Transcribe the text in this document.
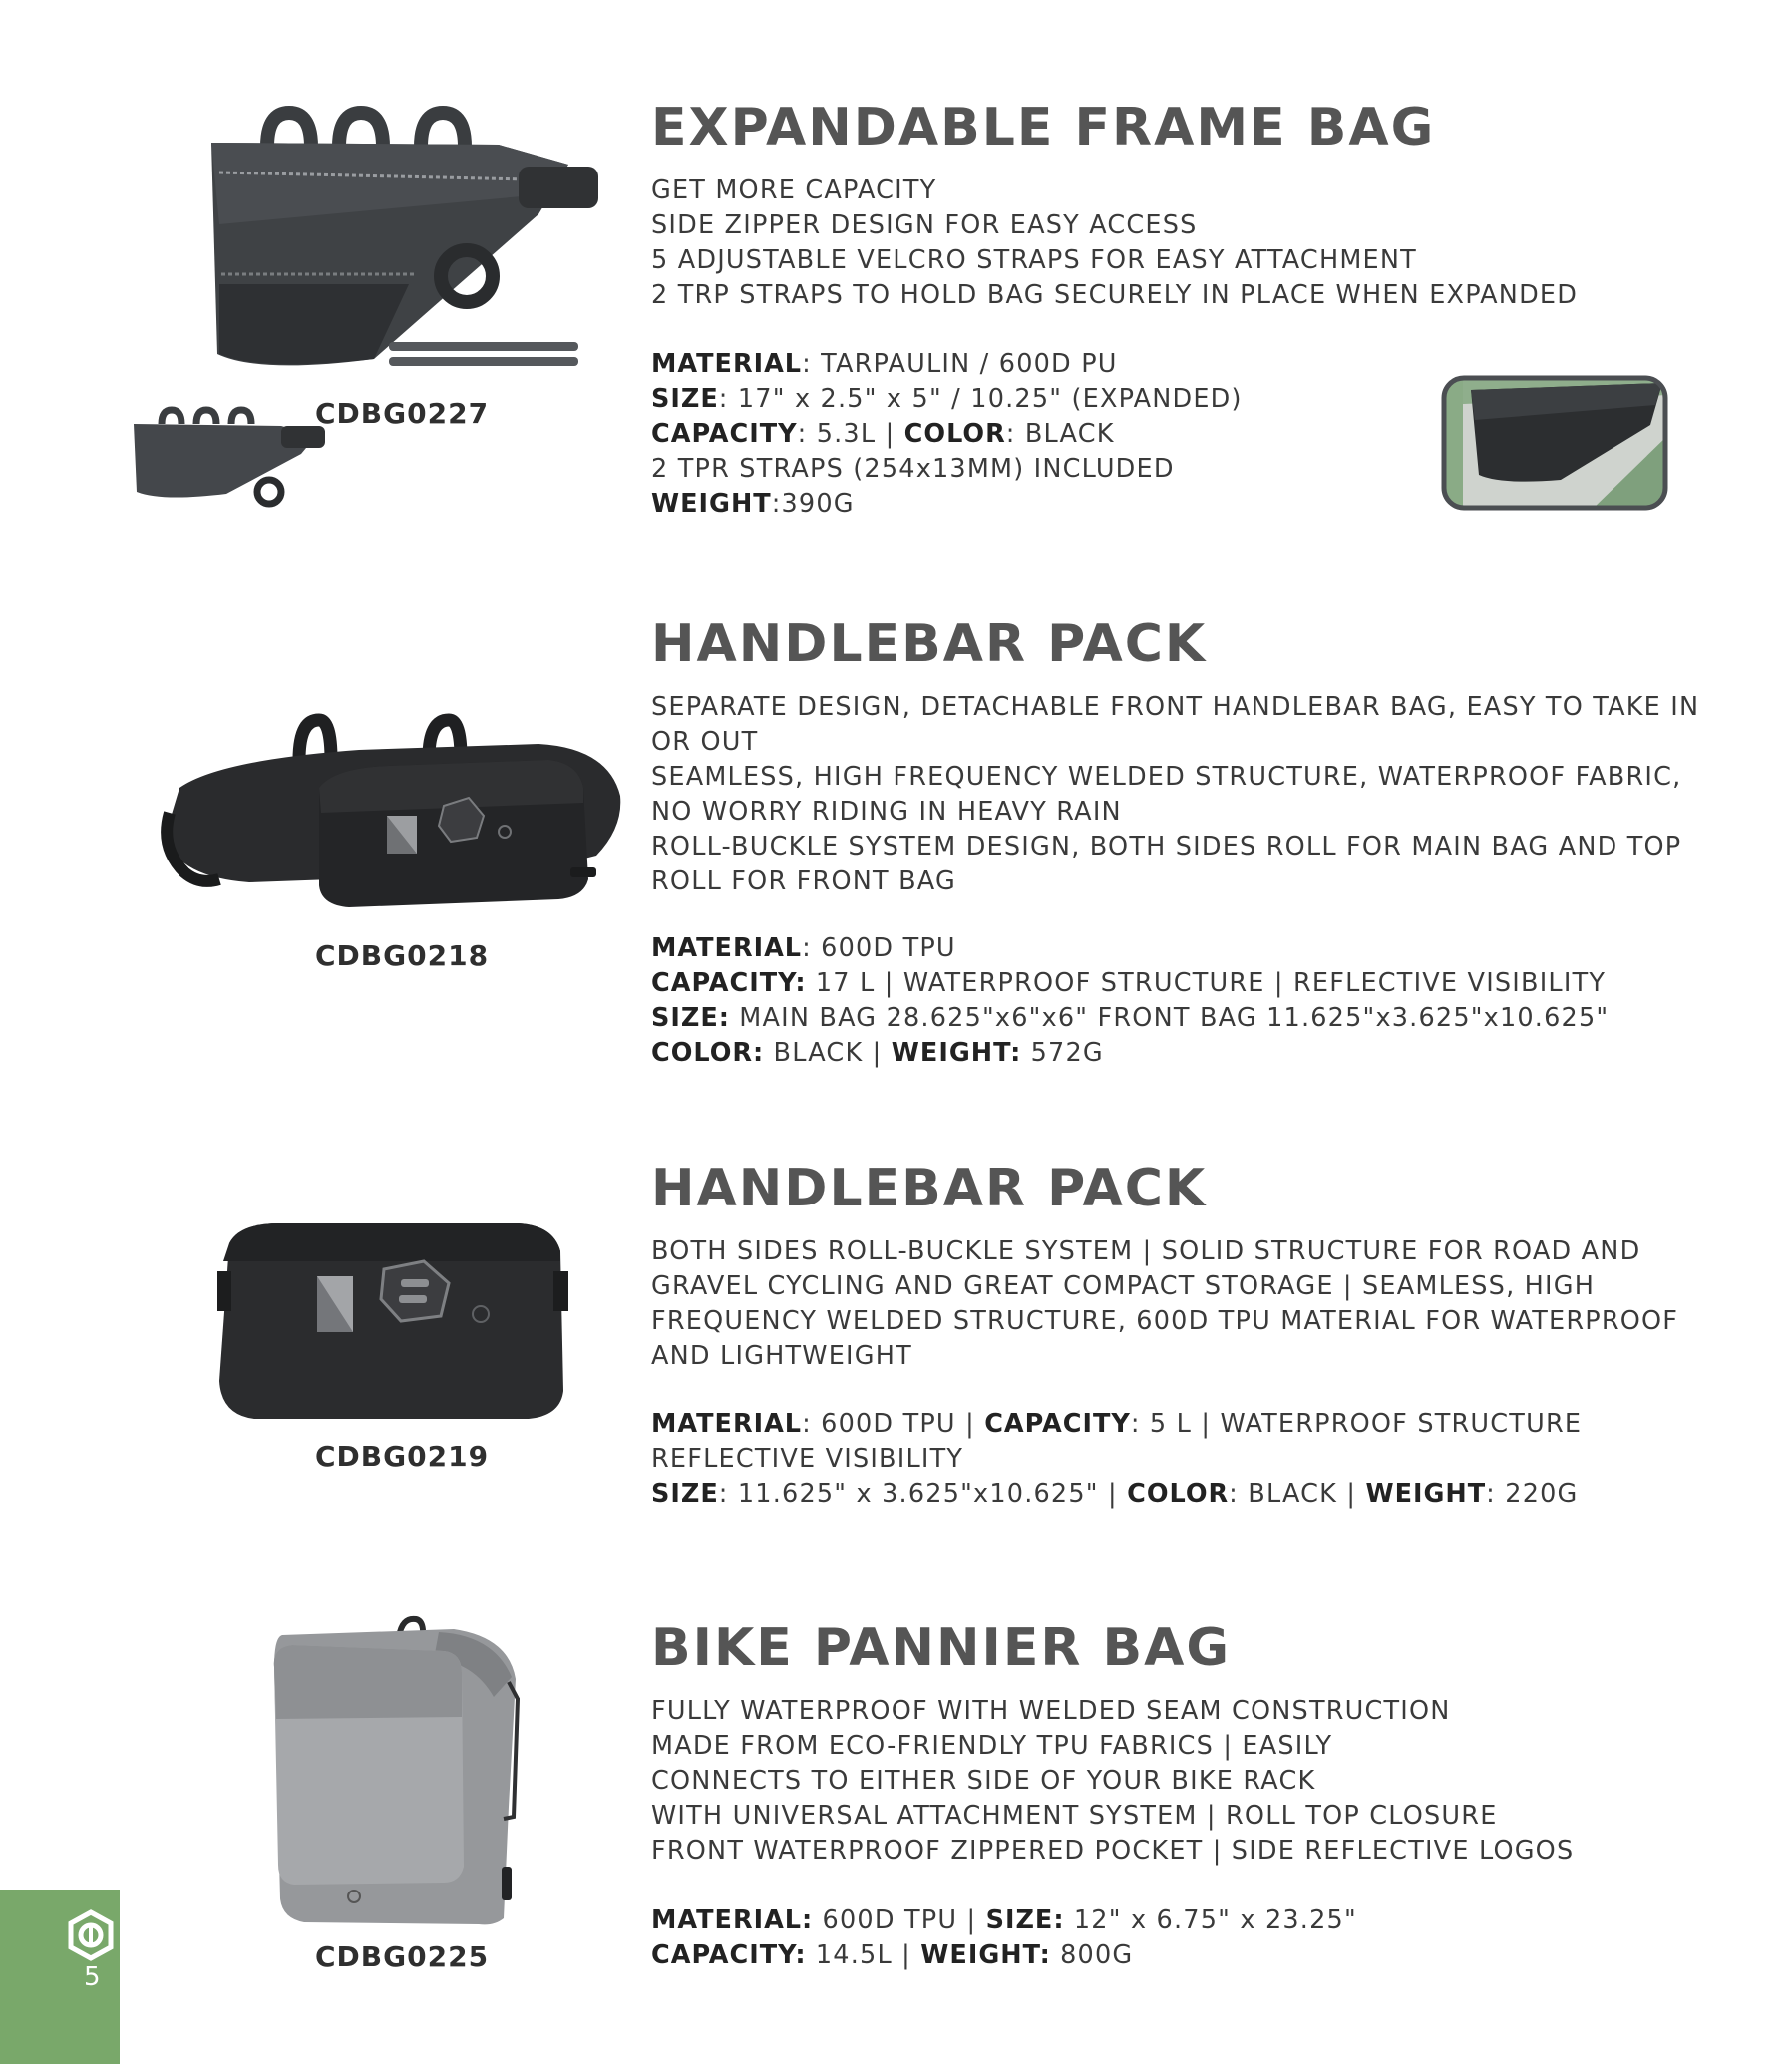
CDBG0227
EXPANDABLE FRAME BAG
GET MORE CAPACITY
SIDE ZIPPER DESIGN FOR EASY ACCESS
5 ADJUSTABLE VELCRO STRAPS FOR EASY ATTACHMENT
2 TRP STRAPS TO HOLD BAG SECURELY IN PLACE WHEN EXPANDED
MATERIAL: TARPAULIN / 600D PU
SIZE: 17" x 2.5" x 5" / 10.25" (EXPANDED)
CAPACITY: 5.3L | COLOR: BLACK
2 TPR STRAPS (254x13MM) INCLUDED
WEIGHT:390G
CDBG0218
HANDLEBAR PACK
SEPARATE DESIGN, DETACHABLE FRONT HANDLEBAR BAG, EASY TO TAKE IN
OR OUT
SEAMLESS, HIGH FREQUENCY WELDED STRUCTURE, WATERPROOF FABRIC,
NO WORRY RIDING IN HEAVY RAIN
ROLL-BUCKLE SYSTEM DESIGN, BOTH SIDES ROLL FOR MAIN BAG AND TOP
ROLL FOR FRONT BAG
MATERIAL: 600D TPU
CAPACITY: 17 L | WATERPROOF STRUCTURE | REFLECTIVE VISIBILITY
SIZE: MAIN BAG 28.625"x6"x6" FRONT BAG 11.625"x3.625"x10.625"
COLOR: BLACK | WEIGHT: 572G
CDBG0219
HANDLEBAR PACK
BOTH SIDES ROLL-BUCKLE SYSTEM | SOLID STRUCTURE FOR ROAD AND
GRAVEL CYCLING AND GREAT COMPACT STORAGE | SEAMLESS, HIGH
FREQUENCY WELDED STRUCTURE, 600D TPU MATERIAL FOR WATERPROOF
AND LIGHTWEIGHT
MATERIAL: 600D TPU | CAPACITY: 5 L | WATERPROOF STRUCTURE
REFLECTIVE VISIBILITY
SIZE: 11.625" x 3.625"x10.625" | COLOR: BLACK | WEIGHT: 220G
CDBG0225
BIKE PANNIER BAG
FULLY WATERPROOF WITH WELDED SEAM CONSTRUCTION
MADE FROM ECO-FRIENDLY TPU FABRICS | EASILY
CONNECTS TO EITHER SIDE OF YOUR BIKE RACK
WITH UNIVERSAL ATTACHMENT SYSTEM | ROLL TOP CLOSURE
FRONT WATERPROOF ZIPPERED POCKET | SIDE REFLECTIVE LOGOS
MATERIAL: 600D TPU | SIZE: 12" x 6.75" x 23.25"
CAPACITY: 14.5L | WEIGHT: 800G
5
